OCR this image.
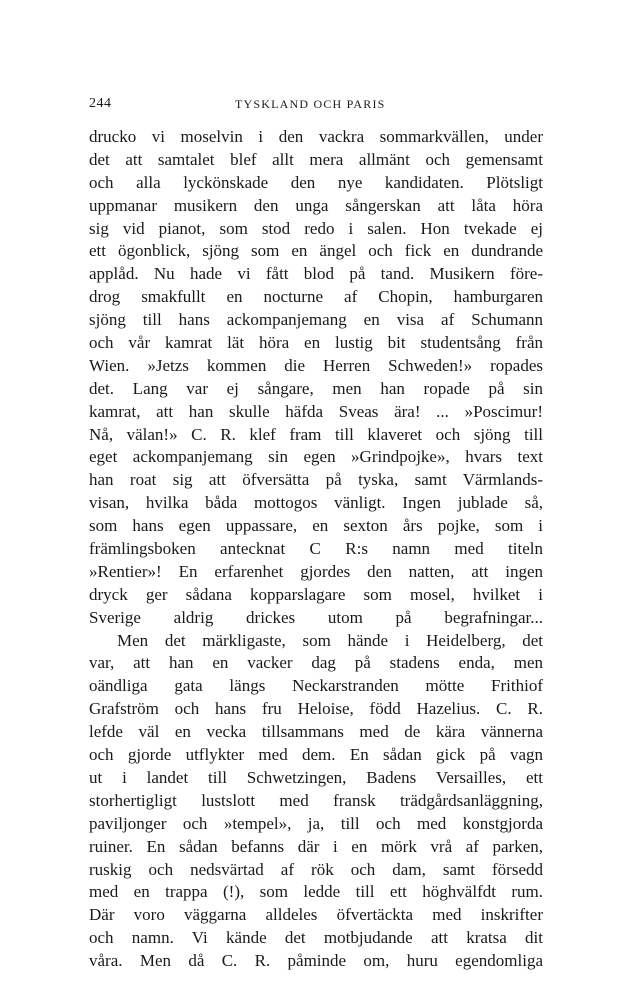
244	TYSKLAND OCH PARIS
drucko vi moselvin i den vackra sommarkvällen, under
det att samtalet blef allt mera allmänt och gemensamt
och alla lyckönskade den nye kandidaten. Plötsligt
uppmanar musikern den unga sångerskan att låta höra
sig vid pianot, som stod redo i salen. Hon tvekade ej
ett ögonblick, sjöng som en ängel och fick en dundrande
applåd. Nu hade vi fått blod på tand. Musikern före-
drog smakfullt en nocturne af Chopin, hamburgaren
sjöng till hans ackompanjemang en visa af Schumann
och vår kamrat lät höra en lustig bit studentsång från
Wien. »Jetzs kommen die Herren Schweden!» ropades
det. Lang var ej sångare, men han ropade på sin
kamrat, att han skulle häfda Sveas ära! ... »Poscimur!
Nå, välan!» C. R. klef fram till klaveret och sjöng till
eget ackompanjemang sin egen »Grindpojke», hvars text
han roat sig att öfversätta på tyska, samt Värmlands-
visan, hvilka båda mottogos vänligt. Ingen jublade så,
som hans egen uppassare, en sexton års pojke, som i
främlingsboken antecknat C R:s namn med titeln
»Rentier»! En erfarenhet gjordes den natten, att ingen
dryck ger sådana kopparslagare som mosel, hvilket i
Sverige aldrig drickes utom på begrafningar...
Men det märkligaste, som hände i Heidelberg, det
var, att han en vacker dag på stadens enda, men
oändliga gata längs Neckarstranden mötte Frithiof
Grafström och hans fru Heloise, född Hazelius. C. R.
lefde väl en vecka tillsammans med de kära vännerna
och gjorde utflykter med dem. En sådan gick på vagn
ut i landet till Schwetzingen, Badens Versailles, ett
storhertigligt lustslott med fransk trädgårdsanläggning,
paviljonger och »tempel», ja, till och med konstgjorda
ruiner. En sådan befanns där i en mörk vrå af parken,
ruskig och nedsvärtad af rök och dam, samt försedd
med en trappa (!), som ledde till ett höghvälfdt rum.
Där voro väggarna alldeles öfvertäckta med inskrifter
och namn. Vi kände det motbjudande att kratsa dit
våra. Men då C. R. påminde om, huru egendomliga
